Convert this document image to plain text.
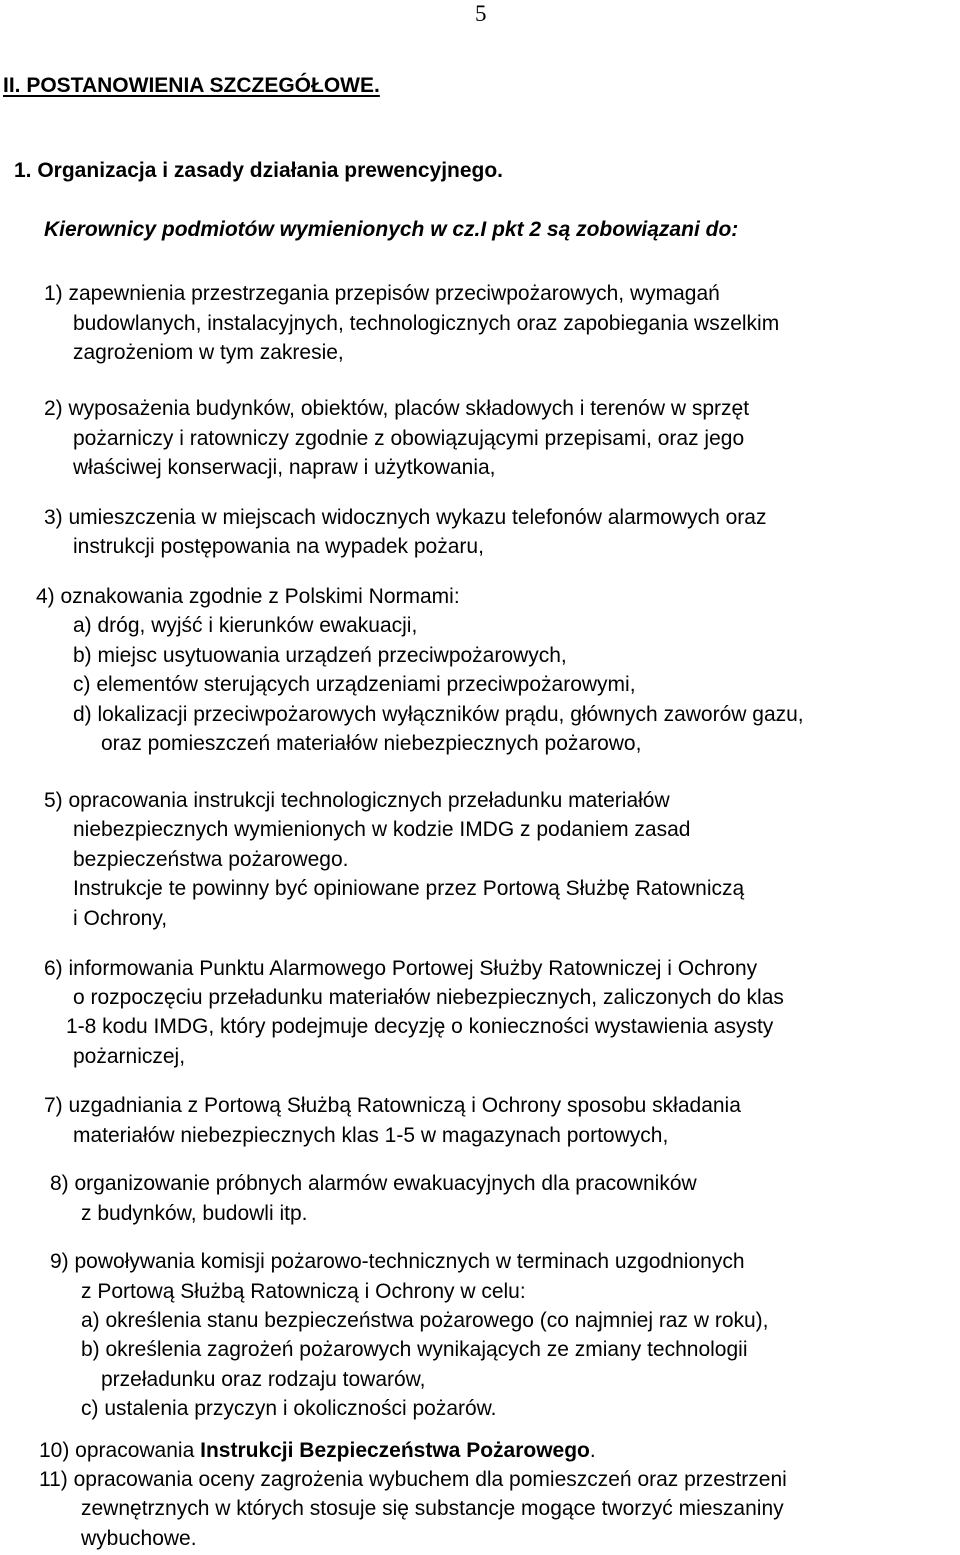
5
II. POSTANOWIENIA SZCZEGÓŁOWE.
1. Organizacja i zasady działania prewencyjnego.
Kierownicy podmiotów wymienionych w cz.I pkt 2 są zobowiązani do:
1) zapewnienia przestrzegania przepisów przeciwpożarowych, wymagań
budowlanych, instalacyjnych, technologicznych oraz zapobiegania wszelkim
zagrożeniom w tym zakresie,
2) wyposażenia budynków, obiektów, placów składowych i terenów w sprzęt
pożarniczy i ratowniczy zgodnie z obowiązującymi przepisami, oraz jego
właściwej konserwacji, napraw i użytkowania,
3) umieszczenia w miejscach widocznych wykazu telefonów alarmowych oraz
instrukcji postępowania na wypadek pożaru,
4) oznakowania zgodnie z Polskimi Normami:
a) dróg, wyjść i kierunków ewakuacji,
b) miejsc usytuowania urządzeń przeciwpożarowych,
c) elementów sterujących urządzeniami przeciwpożarowymi,
d) lokalizacji przeciwpożarowych wyłączników prądu, głównych zaworów gazu,
oraz pomieszczeń materiałów niebezpiecznych pożarowo,
5) opracowania instrukcji technologicznych przeładunku materiałów
niebezpiecznych wymienionych w kodzie IMDG z podaniem zasad
bezpieczeństwa pożarowego.
Instrukcje te powinny być opiniowane przez Portową Służbę Ratowniczą
i Ochrony,
6) informowania Punktu Alarmowego Portowej Służby Ratowniczej i Ochrony
o rozpoczęciu przeładunku materiałów niebezpiecznych, zaliczonych do klas
1-8 kodu IMDG, który podejmuje decyzję o konieczności wystawienia asysty
pożarniczej,
7) uzgadniania z Portową Służbą Ratowniczą i Ochrony sposobu składania
materiałów niebezpiecznych klas 1-5 w magazynach portowych,
8) organizowanie próbnych alarmów ewakuacyjnych dla pracowników
z budynków, budowli itp.
9) powoływania komisji pożarowo-technicznych w terminach uzgodnionych
z Portową Służbą Ratowniczą i Ochrony w celu:
a) określenia stanu bezpieczeństwa pożarowego (co najmniej raz w roku),
b) określenia zagrożeń pożarowych wynikających ze zmiany technologii
przeładunku oraz rodzaju towarów,
c) ustalenia przyczyn i okoliczności pożarów.
10) opracowania Instrukcji Bezpieczeństwa Pożarowego.
11) opracowania oceny zagrożenia wybuchem dla pomieszczeń oraz przestrzeni
zewnętrznych w których stosuje się substancje mogące tworzyć mieszaniny
wybuchowe.
